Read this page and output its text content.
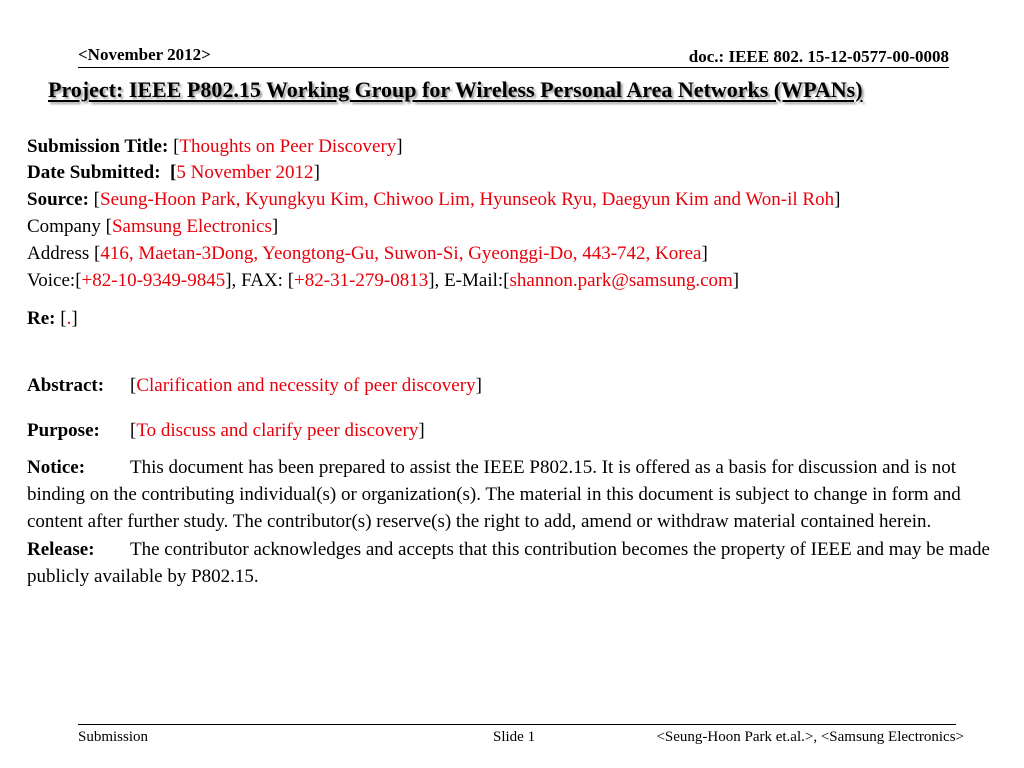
<November 2012>	doc.: IEEE 802. 15-12-0577-00-0008
Project: IEEE P802.15 Working Group for Wireless Personal Area Networks (WPANs)
Submission Title: [Thoughts on Peer Discovery]
Date Submitted: [5 November 2012]
Source: [Seung-Hoon Park, Kyungkyu Kim, Chiwoo Lim, Hyunseok Ryu, Daegyun Kim and Won-il Roh]
Company [Samsung Electronics]
Address [416, Maetan-3Dong, Yeongtong-Gu, Suwon-Si, Gyeonggi-Do, 443-742, Korea]
Voice:[+82-10-9349-9845], FAX: [+82-31-279-0813], E-Mail:[shannon.park@samsung.com]
Re: [.]
Abstract: [Clarification and necessity of peer discovery]
Purpose: [To discuss and clarify peer discovery]
Notice: This document has been prepared to assist the IEEE P802.15. It is offered as a basis for discussion and is not binding on the contributing individual(s) or organization(s). The material in this document is subject to change in form and content after further study. The contributor(s) reserve(s) the right to add, amend or withdraw material contained herein.
Release: The contributor acknowledges and accepts that this contribution becomes the property of IEEE and may be made publicly available by P802.15.
Submission	Slide 1	<Seung-Hoon Park et.al.>, <Samsung Electronics>
